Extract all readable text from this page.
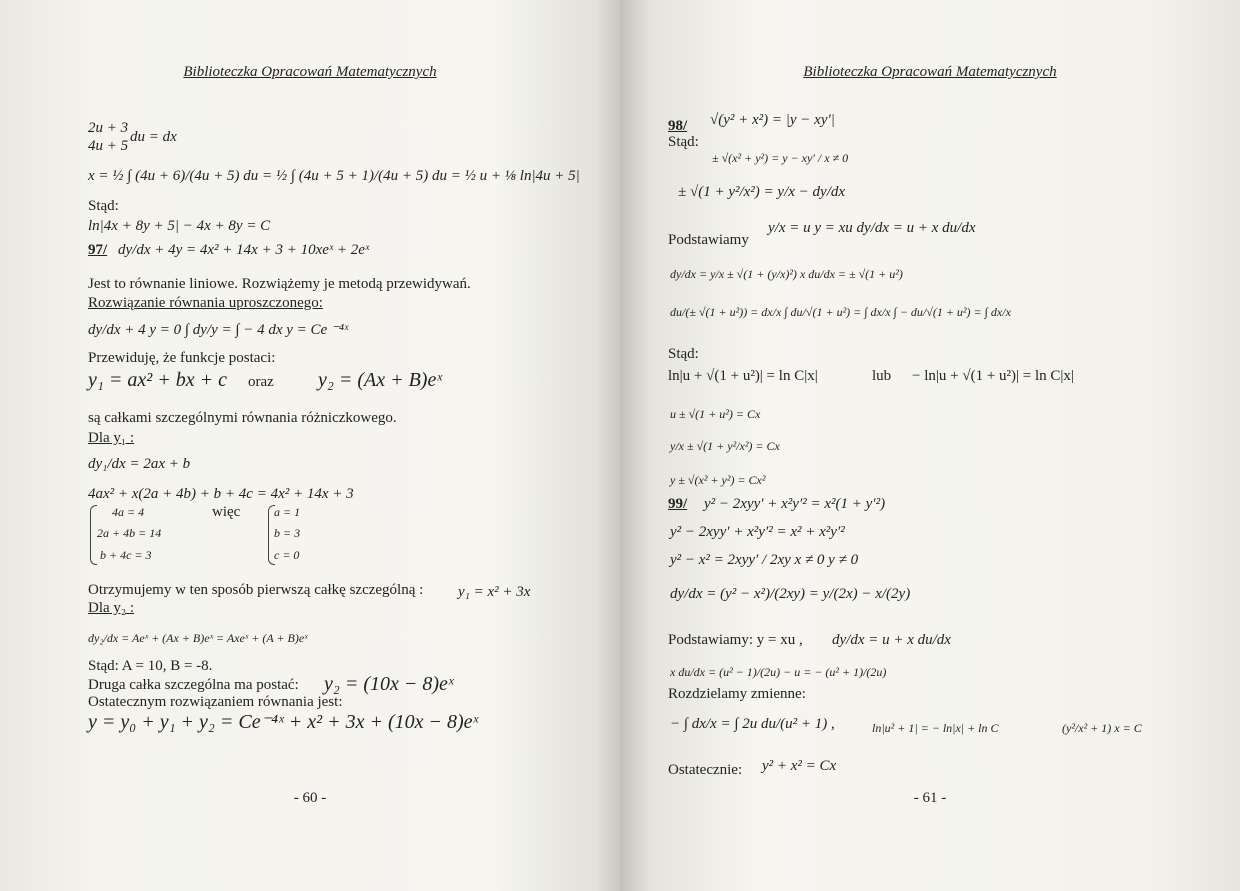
Biblioteczka Opracowań Matematycznych
2u + 3
du = dx
4u + 5
x = ½ ∫ (4u + 6)/(4u + 5) du = ½ ∫ (4u + 5 + 1)/(4u + 5) du = ½ u + ⅛ ln|4u + 5|
Stąd:
ln|4x + 8y + 5| − 4x + 8y = C
97/ dy/dx + 4y = 4x² + 14x + 3 + 10xeˣ + 2eˣ
Jest to równanie liniowe. Rozwiążemy je metodą przewidywań.
Rozwiązanie równania uproszczonego:
dy/dx + 4 y = 0 ∫ dy/y = ∫ − 4 dx y = Ce ⁻⁴ˣ
Przewiduję, że funkcje postaci:
y₁ = ax² + bx + c oraz y₂ = (Ax + B)eˣ
są całkami szczególnymi równania różniczkowego.
Dla y₁ :
dy₁/dx = 2ax + b
4ax² + x(2a + 4b) + b + 4c = 4x² + 14x + 3
4a = 4
2a + 4b = 14
b + 4c = 3
więc	a = 1
b = 3
c = 0
Otrzymujemy w ten sposób pierwszą całkę szczególną : y₁ = x² + 3x
Dla y₂ :
dy₂/dx = Aeˣ + (Ax + B)eˣ = Axeˣ + (A + B)eˣ
Stąd: A = 10, B = -8.
Druga całka szczególna ma postać: y₂ = (10x − 8)eˣ
Ostatecznym rozwiązaniem równania jest:
y = y₀ + y₁ + y₂ = Ce⁻⁴ˣ + x² + 3x + (10x − 8)eˣ
- 60 -
Biblioteczka Opracowań Matematycznych
98/ √(y² + x²) = |y − xy′|
Stąd:
± √(x² + y²) = y − xy′ / x ≠ 0
± √(1 + y²/x²) = y/x − dy/dx
Podstawiamy
y/x = u y = xu dy/dx = u + x du/dx
dy/dx = y/x ± √(1 + (y/x)²) x du/dx = ± √(1 + u²)
du/(± √(1 + u²)) = dx/x ∫ du/√(1 + u²) = ∫ dx/x ∫ − du/√(1 + u²) = ∫ dx/x
Stąd:
ln|u + √(1 + u²)| = ln C|x|	lub − ln|u + √(1 + u²)| = ln C|x|
u ± √(1 + u²) = Cx
y/x ± √(1 + y²/x²) = Cx
y ± √(x² + y²) = Cx²
99/ y² − 2xyy′ + x²y′² = x²(1 + y′²)
y² − 2xyy′ + x²y′² = x² + x²y′²
y² − x² = 2xyy′ / 2xy x ≠ 0 y ≠ 0
dy/dx = (y² − x²)/(2xy) = y/(2x) − x/(2y)
Podstawiamy: y = xu , dy/dx = u + x du/dx
x du/dx = (u² − 1)/(2u) − u = − (u² + 1)/(2u)
Rozdzielamy zmienne:
− ∫ dx/x = ∫ 2u du/(u² + 1) ,	ln|u² + 1| = − ln|x| + ln C	(y²/x² + 1) x = C
Ostatecznie: y² + x² = Cx
- 61 -
